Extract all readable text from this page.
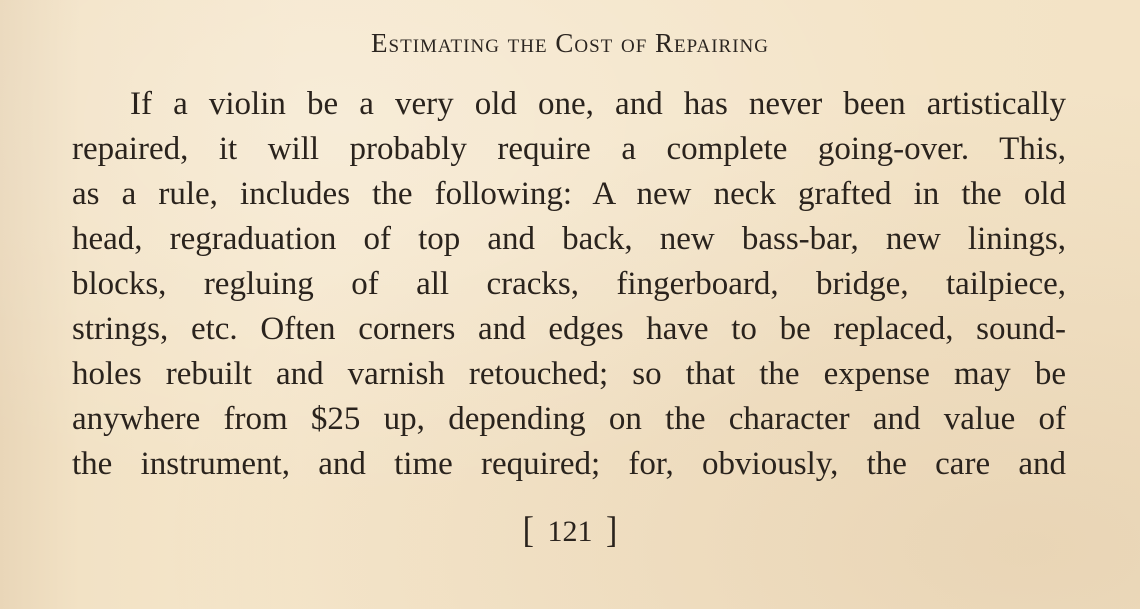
Estimating the Cost of Repairing
If a violin be a very old one, and has never been artistically
repaired, it will probably require a complete going-over. This,
as a rule, includes the following: A new neck grafted in the old
head, regraduation of top and back, new bass-bar, new linings,
blocks, regluing of all cracks, fingerboard, bridge, tailpiece,
strings, etc. Often corners and edges have to be replaced, sound-
holes rebuilt and varnish retouched; so that the expense may be
anywhere from $25 up, depending on the character and value of
the instrument, and time required; for, obviously, the care and
[ 121 ]
